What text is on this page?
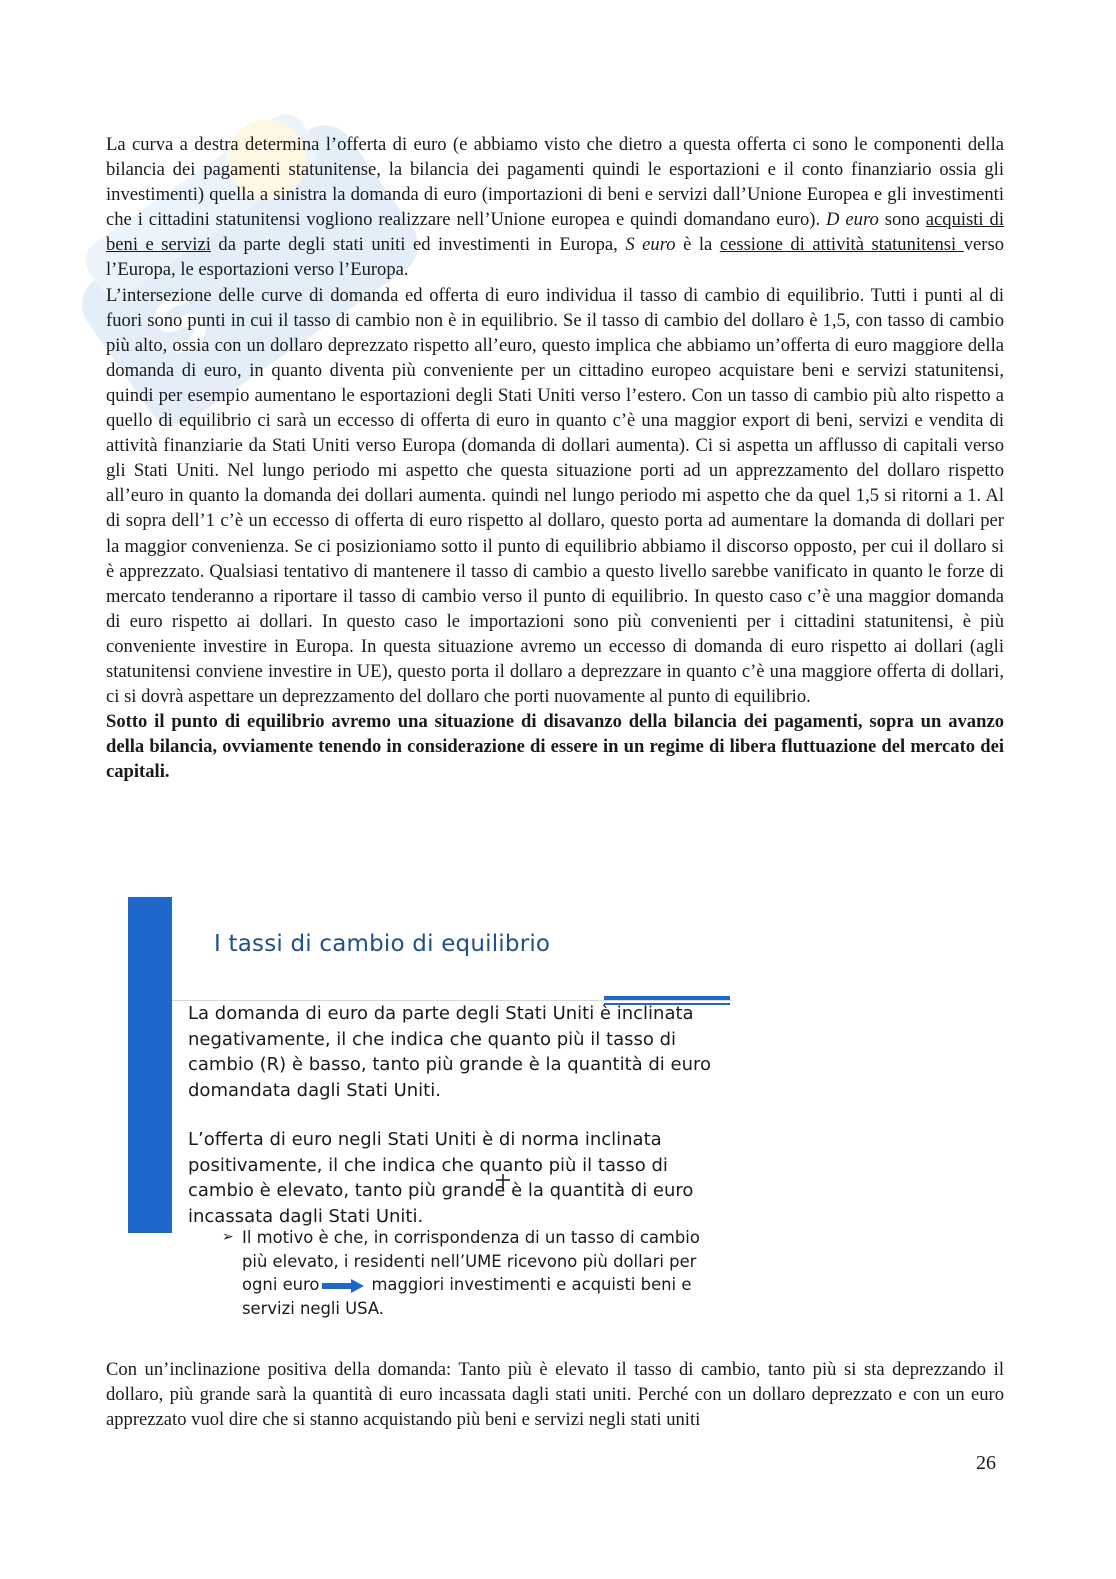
S

La curva a destra determina l’offerta di euro (e abbiamo visto che dietro a questa offerta ci sono le componenti della bilancia dei pagamenti statunitense, la bilancia dei pagamenti quindi le esportazioni e il conto finanziario ossia gli investimenti) quella a sinistra la domanda di euro (importazioni di beni e servizi dall’Unione Europea e gli investimenti che i cittadini statunitensi vogliono realizzare nell’Unione europea e quindi domandano euro). D euro sono acquisti di beni e servizi da parte degli stati uniti ed investimenti in Europa, S euro è la cessione di attività statunitensi verso l’Europa, le esportazioni verso l’Europa.

L’intersezione delle curve di domanda ed offerta di euro individua il tasso di cambio di equilibrio. Tutti i punti al di fuori sono punti in cui il tasso di cambio non è in equilibrio. Se il tasso di cambio del dollaro è 1,5, con tasso di cambio più alto, ossia con un dollaro deprezzato rispetto all’euro, questo implica che abbiamo un’offerta di euro maggiore della domanda di euro, in quanto diventa più conveniente per un cittadino europeo acquistare beni e servizi statunitensi, quindi per esempio aumentano le esportazioni degli Stati Uniti verso l’estero. Con un tasso di cambio più alto rispetto a quello di equilibrio ci sarà un eccesso di offerta di euro in quanto c’è una maggior export di beni, servizi e vendita di attività finanziarie da Stati Uniti verso Europa (domanda di dollari aumenta). Ci si aspetta un afflusso di capitali verso gli Stati Uniti. Nel lungo periodo mi aspetto che questa situazione porti ad un apprezzamento del dollaro rispetto all’euro in quanto la domanda dei dollari aumenta. quindi nel lungo periodo mi aspetto che da quel 1,5 si ritorni a 1. Al di sopra dell’1 c’è un eccesso di offerta di euro rispetto al dollaro, questo porta ad aumentare la domanda di dollari per la maggior convenienza. Se ci posizioniamo sotto il punto di equilibrio abbiamo il discorso opposto, per cui il dollaro si è apprezzato. Qualsiasi tentativo di mantenere il tasso di cambio a questo livello sarebbe vanificato in quanto le forze di mercato tenderanno a riportare il tasso di cambio verso il punto di equilibrio. In questo caso c’è una maggior domanda di euro rispetto ai dollari. In questo caso le importazioni sono più convenienti per i cittadini statunitensi, è più conveniente investire in Europa. In questa situazione avremo un eccesso di domanda di euro rispetto ai dollari (agli statunitensi conviene investire in UE), questo porta il dollaro a deprezzare in quanto c’è una maggiore offerta di dollari, ci si dovrà aspettare un deprezzamento del dollaro che porti nuovamente al punto di equilibrio.

Sotto il punto di equilibrio avremo una situazione di disavanzo della bilancia dei pagamenti, sopra un avanzo della bilancia, ovviamente tenendo in considerazione di essere in un regime di libera fluttuazione del mercato dei capitali.

I tassi di cambio di equilibrio
La domanda di euro da parte degli Stati Uniti è inclinata negativamente, il che indica che quanto più il tasso di cambio (R) è basso, tanto più grande è la quantità di euro domandata dagli Stati Uniti.
L’offerta di euro negli Stati Uniti è di norma inclinata positivamente, il che indica che quanto più il tasso di cambio è elevato, tanto più grande è la quantità di euro incassata dagli Stati Uniti.
➢ Il motivo è che, in corrispondenza di un tasso di cambio più elevato, i residenti nell’UME ricevono più dollari per ogni euro	maggiori investimenti e acquisti beni e servizi negli USA.

Con un’inclinazione positiva della domanda: Tanto più è elevato il tasso di cambio, tanto più si sta deprezzando il dollaro, più grande sarà la quantità di euro incassata dagli stati uniti. Perché con un dollaro deprezzato e con un euro apprezzato vuol dire che si stanno acquistando più beni e servizi negli stati uniti

26
